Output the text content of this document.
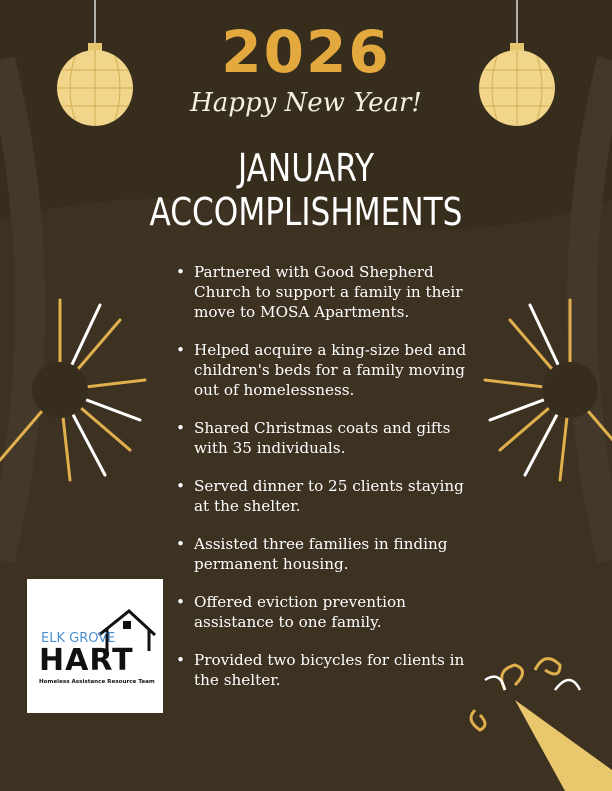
2026
Happy New Year!
JANUARY
ACCOMPLISHMENTS
• Partnered with Good Shepherd Church to support a family in their move to MOSA Apartments.
• Helped acquire a king-size bed and children's beds for a family moving out of homelessness.
• Shared Christmas coats and gifts with 35 individuals.
• Served dinner to 25 clients staying at the shelter.
• Assisted three families in finding permanent housing.
• Offered eviction prevention assistance to one family.
• Provided two bicycles for clients in the shelter.
ELK GROVE
HART
Homeless Assistance Resource Team
